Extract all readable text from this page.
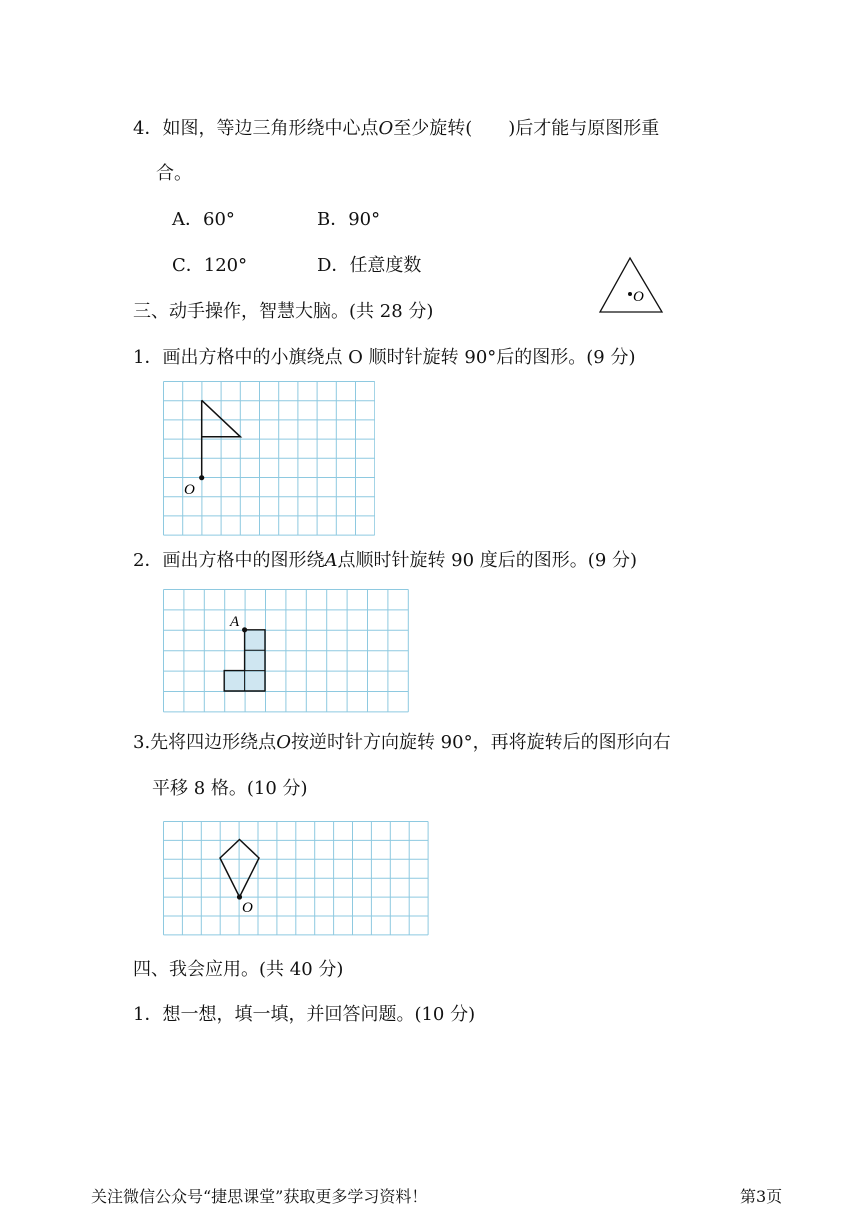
4．如图，等边三角形绕中心点O至少旋转(　　)后才能与原图形重
合。
A．60°	B．90°
C．120°	D．任意度数
O
三、动手操作，智慧大脑。(共 28 分)
1．画出方格中的小旗绕点 O 顺时针旋转 90°后的图形。(9 分)
O
2．画出方格中的图形绕A点顺时针旋转 90 度后的图形。(9 分)
A
3.先将四边形绕点O按逆时针方向旋转 90°，再将旋转后的图形向右
平移 8 格。(10 分)
O
四、我会应用。(共 40 分)
1．想一想，填一填，并回答问题。(10 分)
关注微信公众号“捷思课堂”获取更多学习资料！	第3页
